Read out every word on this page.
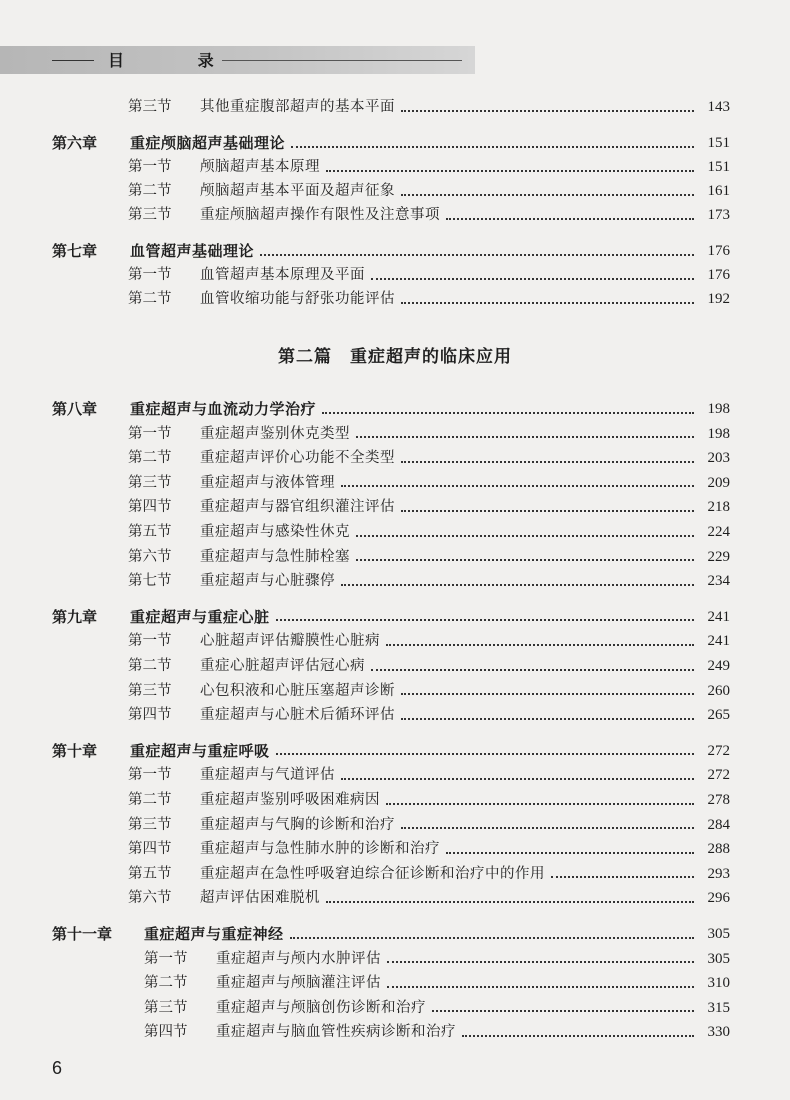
目 录
第三节	其他重症腹部超声的基本平面	143
第六章	重症颅脑超声基础理论	151
第一节	颅脑超声基本原理	151
第二节	颅脑超声基本平面及超声征象	161
第三节	重症颅脑超声操作有限性及注意事项	173
第七章	血管超声基础理论	176
第一节	血管超声基本原理及平面	176
第二节	血管收缩功能与舒张功能评估	192
第二篇 重症超声的临床应用
第八章	重症超声与血流动力学治疗	198
第一节	重症超声鉴别休克类型	198
第二节	重症超声评价心功能不全类型	203
第三节	重症超声与液体管理	209
第四节	重症超声与器官组织灌注评估	218
第五节	重症超声与感染性休克	224
第六节	重症超声与急性肺栓塞	229
第七节	重症超声与心脏骤停	234
第九章	重症超声与重症心脏	241
第一节	心脏超声评估瓣膜性心脏病	241
第二节	重症心脏超声评估冠心病	249
第三节	心包积液和心脏压塞超声诊断	260
第四节	重症超声与心脏术后循环评估	265
第十章	重症超声与重症呼吸	272
第一节	重症超声与气道评估	272
第二节	重症超声鉴别呼吸困难病因	278
第三节	重症超声与气胸的诊断和治疗	284
第四节	重症超声与急性肺水肿的诊断和治疗	288
第五节	重症超声在急性呼吸窘迫综合征诊断和治疗中的作用	293
第六节	超声评估困难脱机	296
第十一章	重症超声与重症神经	305
第一节	重症超声与颅内水肿评估	305
第二节	重症超声与颅脑灌注评估	310
第三节	重症超声与颅脑创伤诊断和治疗	315
第四节	重症超声与脑血管性疾病诊断和治疗	330
6
